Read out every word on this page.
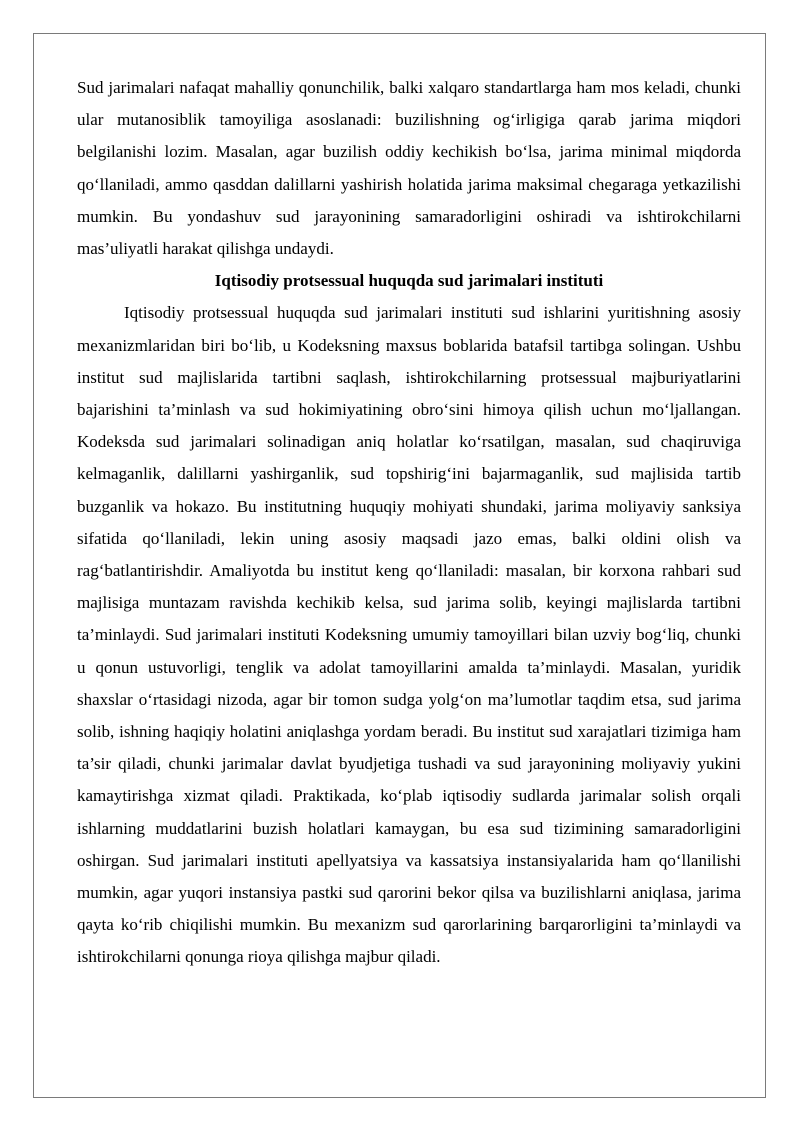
Sud jarimalari nafaqat mahalliy qonunchilik, balki xalqaro standartlarga ham mos keladi, chunki ular mutanosiblik tamoyiliga asoslanadi: buzilishning og‘irligiga qarab jarima miqdori belgilanishi lozim. Masalan, agar buzilish oddiy kechikish bo‘lsa, jarima minimal miqdorda qo‘llaniladi, ammo qasddan dalillarni yashirish holatida jarima maksimal chegaraga yetkazilishi mumkin. Bu yondashuv sud jarayonining samaradorligini oshiradi va ishtirokchilarni mas’uliyatli harakat qilishga undaydi.

Iqtisodiy protsessual huquqda sud jarimalari instituti

Iqtisodiy protsessual huquqda sud jarimalari instituti sud ishlarini yuritishning asosiy mexanizmlaridan biri bo‘lib, u Kodeksning maxsus boblarida batafsil tartibga solingan. Ushbu institut sud majlislarida tartibni saqlash, ishtirokchilarning protsessual majburiyatlarini bajarishini ta’minlash va sud hokimiyatining obro‘sini himoya qilish uchun mo‘ljallangan. Kodeksda sud jarimalari solinadigan aniq holatlar ko‘rsatilgan, masalan, sud chaqiruviga kelmaganlik, dalillarni yashirganlik, sud topshirig‘ini bajarmaganlik, sud majlisida tartib buzganlik va hokazo. Bu institutning huquqiy mohiyati shundaki, jarima moliyaviy sanksiya sifatida qo‘llaniladi, lekin uning asosiy maqsadi jazo emas, balki oldini olish va rag‘batlantirishdir. Amaliyotda bu institut keng qo‘llaniladi: masalan, bir korxona rahbari sud majlisiga muntazam ravishda kechikib kelsa, sud jarima solib, keyingi majlislarda tartibni ta’minlaydi. Sud jarimalari instituti Kodeksning umumiy tamoyillari bilan uzviy bog‘liq, chunki u qonun ustuvorligi, tenglik va adolat tamoyillarini amalda ta’minlaydi. Masalan, yuridik shaxslar o‘rtasidagi nizoda, agar bir tomon sudga yolg‘on ma’lumotlar taqdim etsa, sud jarima solib, ishning haqiqiy holatini aniqlashga yordam beradi. Bu institut sud xarajatlari tizimiga ham ta’sir qiladi, chunki jarimalar davlat byudjetiga tushadi va sud jarayonining moliyaviy yukini kamaytirishga xizmat qiladi. Praktikada, ko‘plab iqtisodiy sudlarda jarimalar solish orqali ishlarning muddatlarini buzish holatlari kamaygan, bu esa sud tizimining samaradorligini oshirgan. Sud jarimalari instituti apellyatsiya va kassatsiya instansiyalarida ham qo‘llanilishi mumkin, agar yuqori instansiya pastki sud qarorini bekor qilsa va buzilishlarni aniqlasa, jarima qayta ko‘rib chiqilishi mumkin. Bu mexanizm sud qarorlarining barqarorligini ta’minlaydi va ishtirokchilarni qonunga rioya qilishga majbur qiladi.
